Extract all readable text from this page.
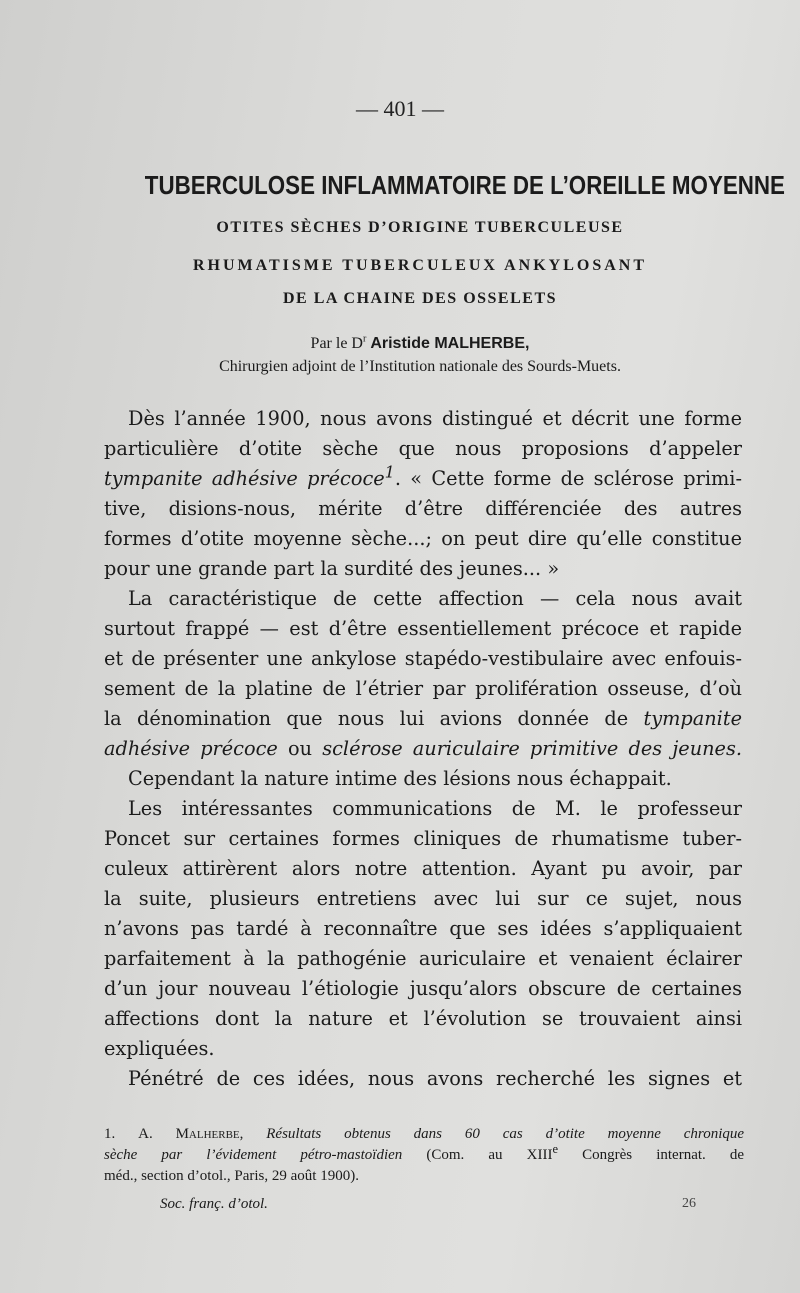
— 401 —
TUBERCULOSE INFLAMMATOIRE DE L’OREILLE MOYENNE
OTITES SÈCHES D’ORIGINE TUBERCULEUSE
RHUMATISME TUBERCULEUX ANKYLOSANT
DE LA CHAINE DES OSSELETS
Par le $D^r$ Aristide MALHERBE,
Chirurgien adjoint de l’Institution nationale des Sourds-Muets.
Dès l’année 1900, nous avons distingué et décrit une forme
particulière d’otite sèche que nous proposions d’appeler
tympanite adhésive précoce$^1$. « Cette forme de sclérose primi-
tive, disions-nous, mérite d’être différenciée des autres
formes d’otite moyenne sèche...; on peut dire qu’elle constitue
pour une grande part la surdité des jeunes... »
La caractéristique de cette affection — cela nous avait
surtout frappé — est d’être essentiellement précoce et rapide
et de présenter une ankylose stapédo-vestibulaire avec enfouis-
sement de la platine de l’étrier par prolifération osseuse, d’où
la dénomination que nous lui avions donnée de tympanite
adhésive précoce ou sclérose auriculaire primitive des jeunes.
Cependant la nature intime des lésions nous échappait.
Les intéressantes communications de M. le professeur
Poncet sur certaines formes cliniques de rhumatisme tuber-
culeux attirèrent alors notre attention. Ayant pu avoir, par
la suite, plusieurs entretiens avec lui sur ce sujet, nous
n’avons pas tardé à reconnaître que ses idées s’appliquaient
parfaitement à la pathogénie auriculaire et venaient éclairer
d’un jour nouveau l’étiologie jusqu’alors obscure de certaines
affections dont la nature et l’évolution se trouvaient ainsi
expliquées.
Pénétré de ces idées, nous avons recherché les signes et
1. A. Malherbe, Résultats obtenus dans 60 cas d’otite moyenne chronique
sèche par l’évidement pétro-mastoïdien (Com. au XIIIe Congrès internat. de
méd., section d’otol., Paris, 29 août 1900).
Soc. franç. d’otol.	26
